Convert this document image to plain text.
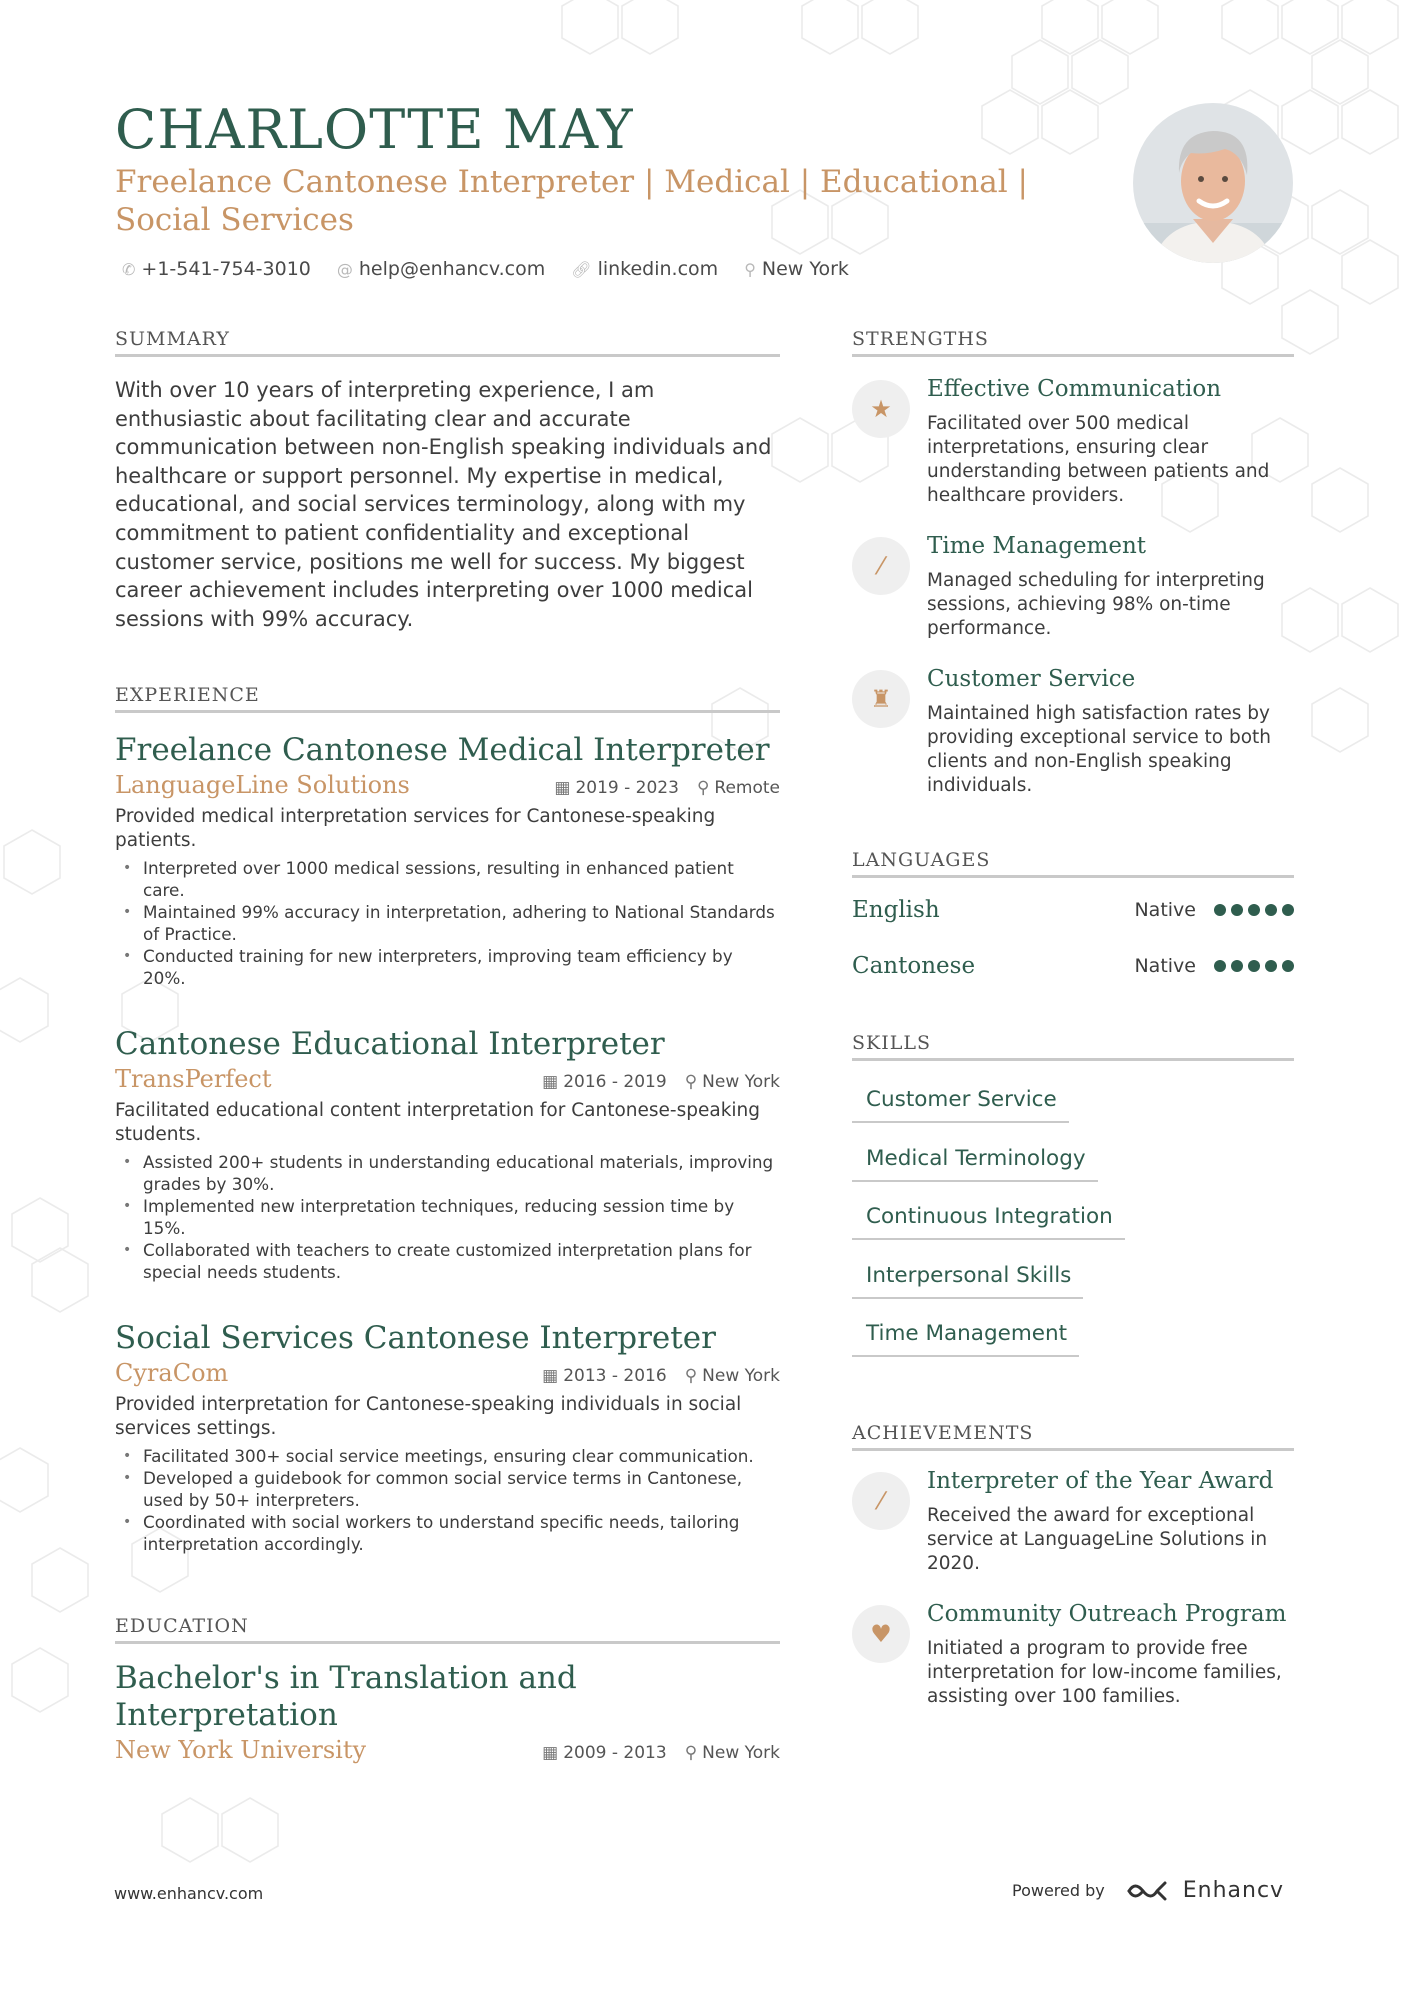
CHARLOTTE MAY
Freelance Cantonese Interpreter | Medical | Educational | Social Services
✆ +1-541-754-3010 @ help@enhancv.com 🔗︎ linkedin.com ⚲ New York
SUMMARY
With over 10 years of interpreting experience, I am enthusiastic about facilitating clear and accurate communication between non-English speaking individuals and healthcare or support personnel. My expertise in medical, educational, and social services terminology, along with my commitment to patient confidentiality and exceptional customer service, positions me well for success. My biggest career achievement includes interpreting over 1000 medical sessions with 99% accuracy.
EXPERIENCE
Freelance Cantonese Medical Interpreter
LanguageLine Solutions	▦ 2019 - 2023 ⚲ Remote
Provided medical interpretation services for Cantonese-speaking patients.
• Interpreted over 1000 medical sessions, resulting in enhanced patient care.
• Maintained 99% accuracy in interpretation, adhering to National Standards of Practice.
• Conducted training for new interpreters, improving team efficiency by 20%.
Cantonese Educational Interpreter
TransPerfect	▦ 2016 - 2019 ⚲ New York
Facilitated educational content interpretation for Cantonese-speaking students.
• Assisted 200+ students in understanding educational materials, improving grades by 30%.
• Implemented new interpretation techniques, reducing session time by 15%.
• Collaborated with teachers to create customized interpretation plans for special needs students.
Social Services Cantonese Interpreter
CyraCom	▦ 2013 - 2016 ⚲ New York
Provided interpretation for Cantonese-speaking individuals in social services settings.
• Facilitated 300+ social service meetings, ensuring clear communication.
• Developed a guidebook for common social service terms in Cantonese, used by 50+ interpreters.
• Coordinated with social workers to understand specific needs, tailoring interpretation accordingly.
EDUCATION
Bachelor's in Translation and Interpretation
New York University	▦ 2009 - 2013 ⚲ New York
STRENGTHS
★
Effective Communication
Facilitated over 500 medical interpretations, ensuring clear understanding between patients and healthcare providers.
⁄
Time Management
Managed scheduling for interpreting sessions, achieving 98% on-time performance.
♜
Customer Service
Maintained high satisfaction rates by providing exceptional service to both clients and non-English speaking individuals.
LANGUAGES
English	Native
Cantonese	Native
SKILLS
Customer Service
Medical Terminology
Continuous Integration
Interpersonal Skills
Time Management
ACHIEVEMENTS
⁄
Interpreter of the Year Award
Received the award for exceptional service at LanguageLine Solutions in 2020.
♥
Community Outreach Program
Initiated a program to provide free interpretation for low-income families, assisting over 100 families.
www.enhancv.com	Powered by	Enhancv
